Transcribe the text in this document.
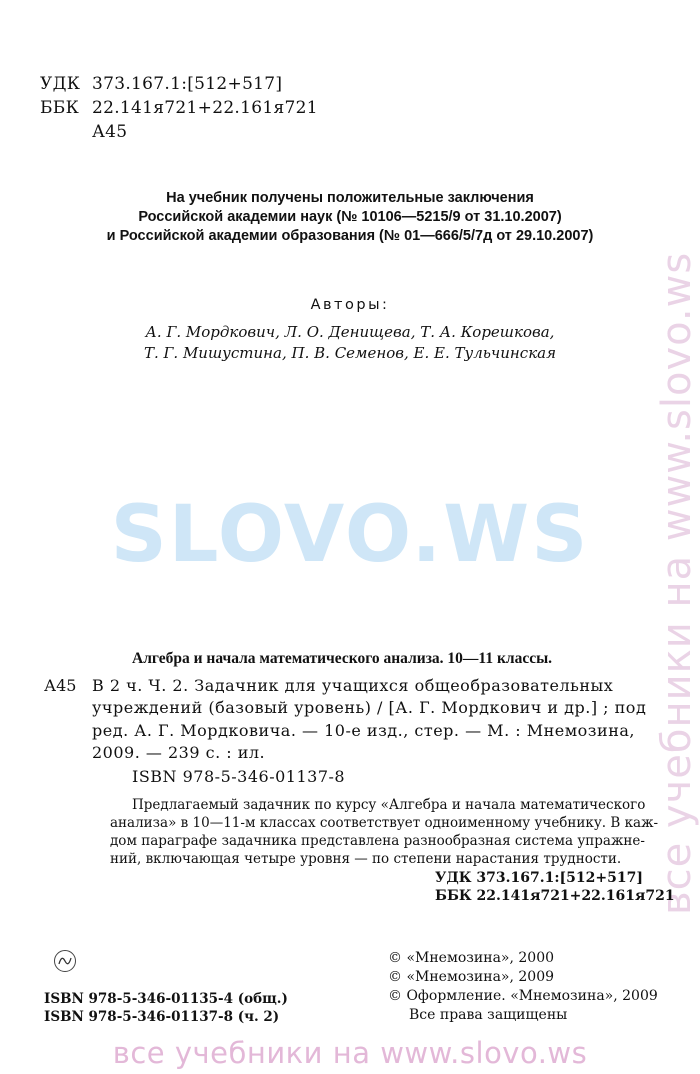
УДК 373.167.1:[512+517]
ББК 22.141я721+22.161я721
А45
На учебник получены положительные заключения
Российской академии наук (№ 10106—5215/9 от 31.10.2007)
и Российской академии образования (№ 01—666/5/7д от 29.10.2007)
Авторы:
А. Г. Мордкович, Л. О. Денищева, Т. А. Корешкова,
Т. Г. Мишустина, П. В. Семенов, Е. Е. Тульчинская
SLOVO.WS	все учебники на www.slovo.ws
Алгебра и начала математического анализа. 10—11 классы.
А45 В 2 ч. Ч. 2. Задачник для учащихся общеобразовательных
учреждений (базовый уровень) / [А. Г. Мордкович и др.] ; под
ред. А. Г. Мордковича. — 10-е изд., стер. — М. : Мнемозина,
2009. — 239 с. : ил.
ISBN 978-5-346-01137-8
Предлагаемый задачник по курсу «Алгебра и начала математического
анализа» в 10—11-м классах соответствует одноименному учебнику. В каж-
дом параграфе задачника представлена разнообразная система упражне-
ний, включающая четыре уровня — по степени нарастания трудности.
УДК 373.167.1:[512+517]
ББК 22.141я721+22.161я721
ISBN 978-5-346-01135-4 (общ.)
ISBN 978-5-346-01137-8 (ч. 2)
© «Мнемозина», 2000
© «Мнемозина», 2009
© Оформление. «Мнемозина», 2009
Все права защищены
все учебники на www.slovo.ws
